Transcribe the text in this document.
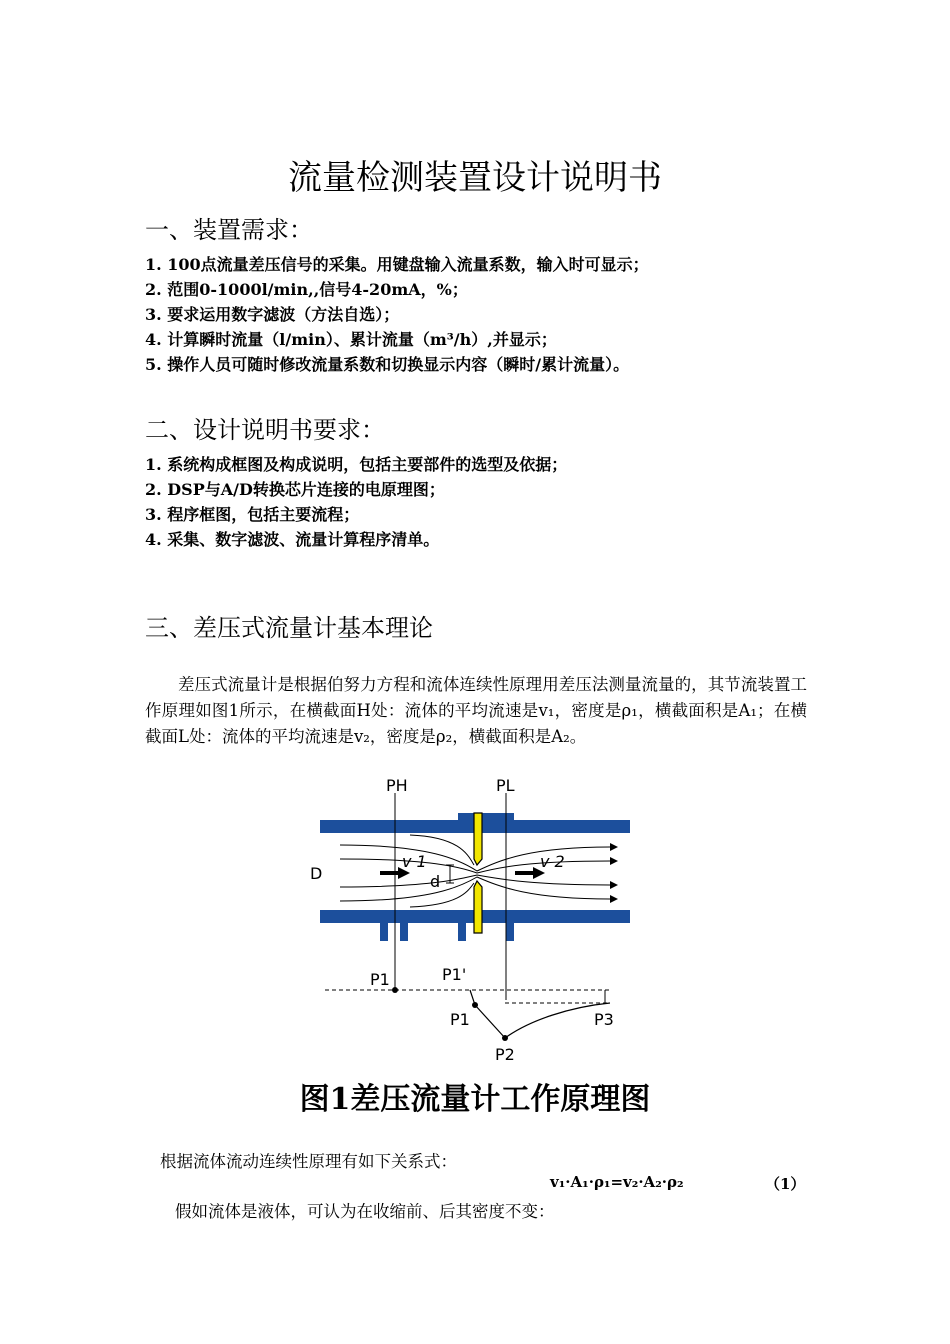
流量检测装置设计说明书
一、装置需求：
1. 100点流量差压信号的采集。用键盘输入流量系数，输入时可显示；
2. 范围0-1000l/min,,信号4-20mA，%；
3. 要求运用数字滤波（方法自选）；
4. 计算瞬时流量（l/min）、累计流量（m³/h）,并显示；
5. 操作人员可随时修改流量系数和切换显示内容（瞬时/累计流量）。
二、设计说明书要求：
1. 系统构成框图及构成说明，包括主要部件的选型及依据；
2. DSP与A/D转换芯片连接的电原理图；
3. 程序框图，包括主要流程；
4. 采集、数字滤波、流量计算程序清单。
三、差压式流量计基本理论
差压式流量计是根据伯努力方程和流体连续性原理用差压法测量流量的，其节流装置工作原理如图1所示，在横截面H处：流体的平均流速是v₁，密度是ρ₁，横截面积是A₁；在横截面L处：流体的平均流速是v₂，密度是ρ₂，横截面积是A₂。
PH	PL
D	d
v 1	v 2
P1	P1'
P1
P2
P3
图1差压流量计工作原理图
根据流体流动连续性原理有如下关系式：
v₁·A₁·ρ₁=v₂·A₂·ρ₂	（1）
假如流体是液体，可认为在收缩前、后其密度不变：
